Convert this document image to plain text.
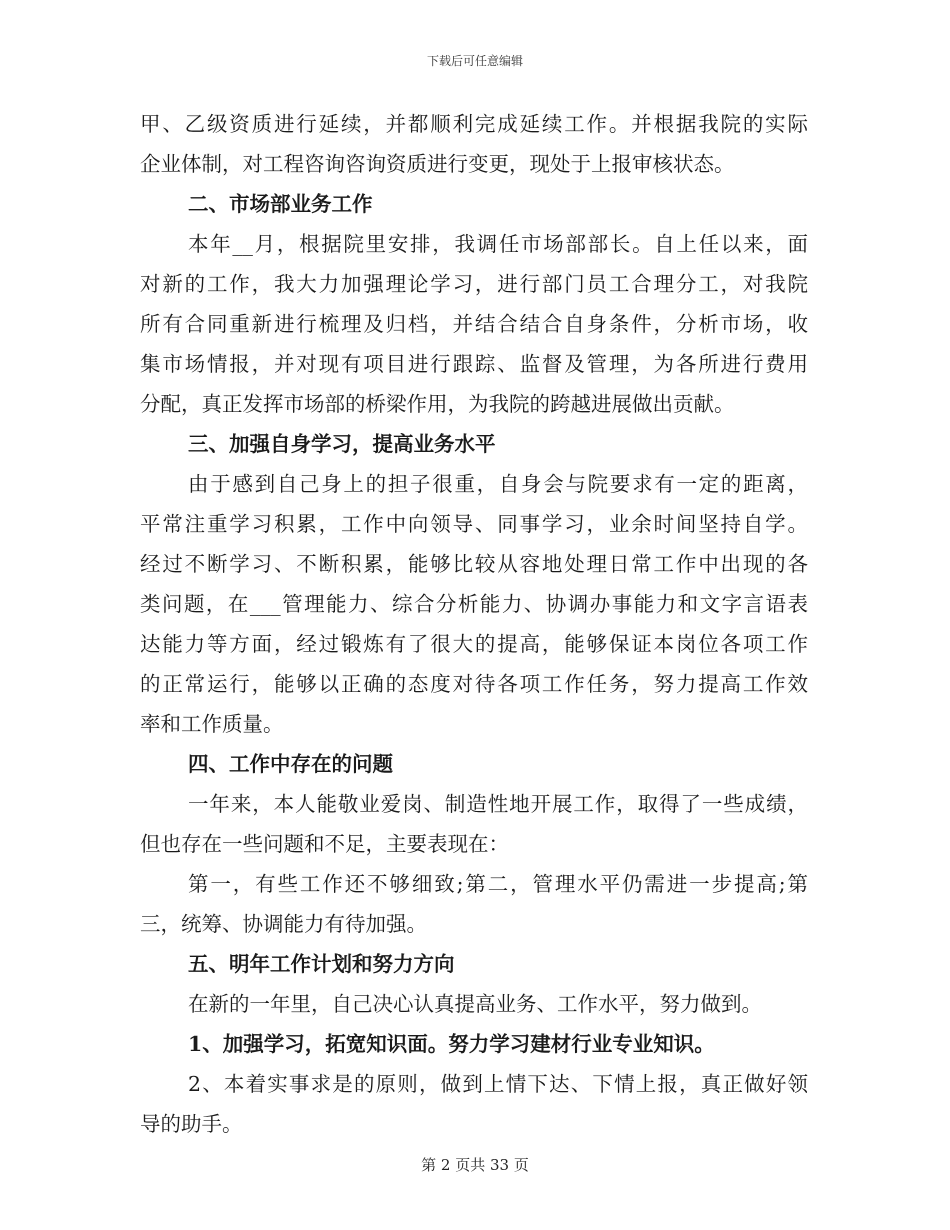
下载后可任意编辑
甲、乙级资质进行延续，并都顺利完成延续工作。并根据我院的实际
企业体制，对工程咨询咨询资质进行变更，现处于上报审核状态。
二、市场部业务工作
本年__月，根据院里安排，我调任市场部部长。自上任以来，面
对新的工作，我大力加强理论学习，进行部门员工合理分工，对我院
所有合同重新进行梳理及归档，并结合结合自身条件，分析市场，收
集市场情报，并对现有项目进行跟踪、监督及管理，为各所进行费用
分配，真正发挥市场部的桥梁作用，为我院的跨越进展做出贡献。
三、加强自身学习，提高业务水平
由于感到自己身上的担子很重，自身会与院要求有一定的距离，
平常注重学习积累，工作中向领导、同事学习，业余时间坚持自学。
经过不断学习、不断积累，能够比较从容地处理日常工作中出现的各
类问题，在___管理能力、综合分析能力、协调办事能力和文字言语表
达能力等方面，经过锻炼有了很大的提高，能够保证本岗位各项工作
的正常运行，能够以正确的态度对待各项工作任务，努力提高工作效
率和工作质量。
四、工作中存在的问题
一年来，本人能敬业爱岗、制造性地开展工作，取得了一些成绩，
但也存在一些问题和不足，主要表现在：
第一，有些工作还不够细致;第二，管理水平仍需进一步提高;第
三，统筹、协调能力有待加强。
五、明年工作计划和努力方向
在新的一年里，自己决心认真提高业务、工作水平，努力做到。
1、加强学习，拓宽知识面。努力学习建材行业专业知识。
2、本着实事求是的原则，做到上情下达、下情上报，真正做好领
导的助手。
第 2 页共 33 页
